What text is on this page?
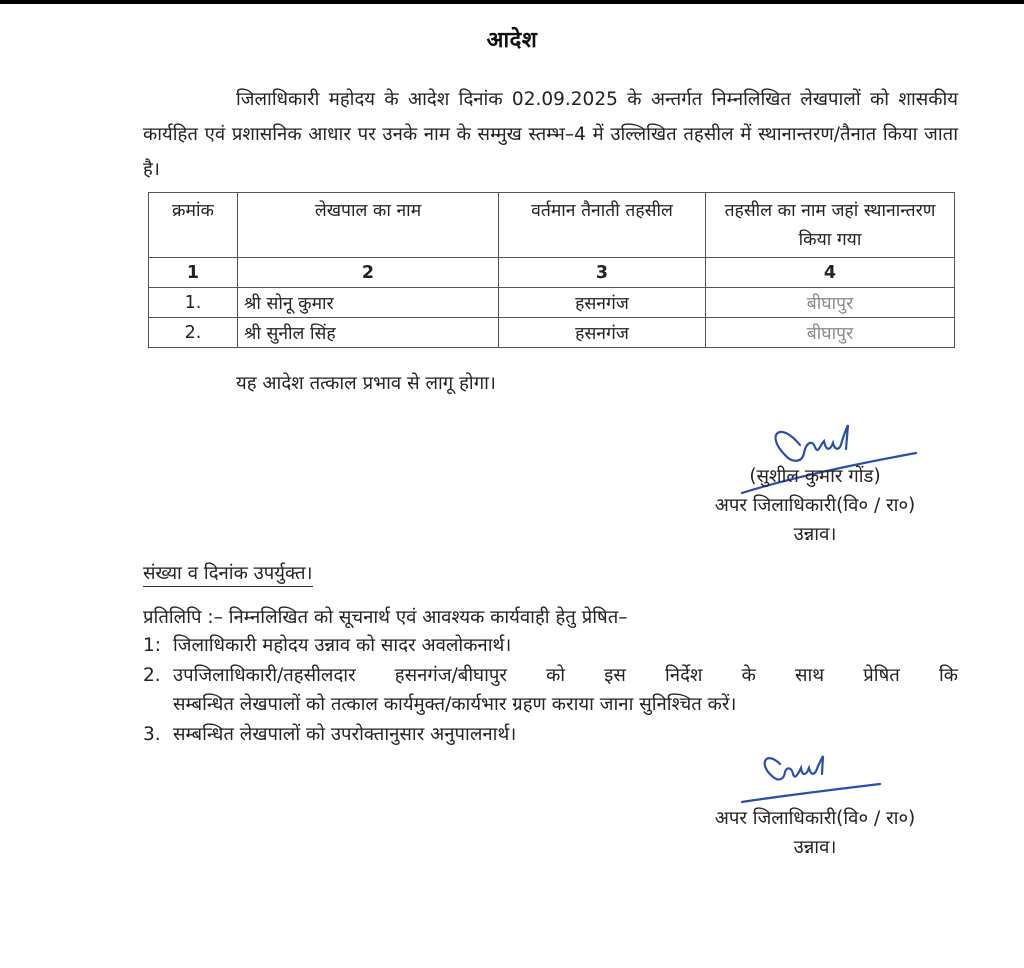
आदेश
जिलाधिकारी महोदय के आदेश दिनांक 02.09.2025 के अन्तर्गत निम्नलिखित लेखपालों को शासकीय कार्यहित एवं प्रशासनिक आधार पर उनके नाम के सम्मुख स्तम्भ–4 में उल्लिखित तहसील में स्थानान्तरण/तैनात किया जाता है।
क्रमांक	लेखपाल का नाम	वर्तमान तैनाती तहसील	तहसील का नाम जहां स्थानान्तरण किया गया
1	2	3	4
1.	श्री सोनू कुमार	हसनगंज	बीघापुर
2.	श्री सुनील सिंह	हसनगंज	बीघापुर
यह आदेश तत्काल प्रभाव से लागू होगा।
(सुशील कुमार गोंड)
अपर जिलाधिकारी(वि० / रा०)
उन्नाव।
संख्या व दिनांक उपर्युक्त।
प्रतिलिपि :– निम्नलिखित को सूचनार्थ एवं आवश्यक कार्यवाही हेतु प्रेषित–
1: जिलाधिकारी महोदय उन्नाव को सादर अवलोकनार्थ।
2. उपजिलाधिकारी/तहसीलदार हसनगंज/बीघापुर को इस निर्देश के साथ प्रेषित कि
सम्बन्धित लेखपालों को तत्काल कार्यमुक्त/कार्यभार ग्रहण कराया जाना सुनिश्चित करें।
3. सम्बन्धित लेखपालों को उपरोक्तानुसार अनुपालनार्थ।
अपर जिलाधिकारी(वि० / रा०)
उन्नाव।
